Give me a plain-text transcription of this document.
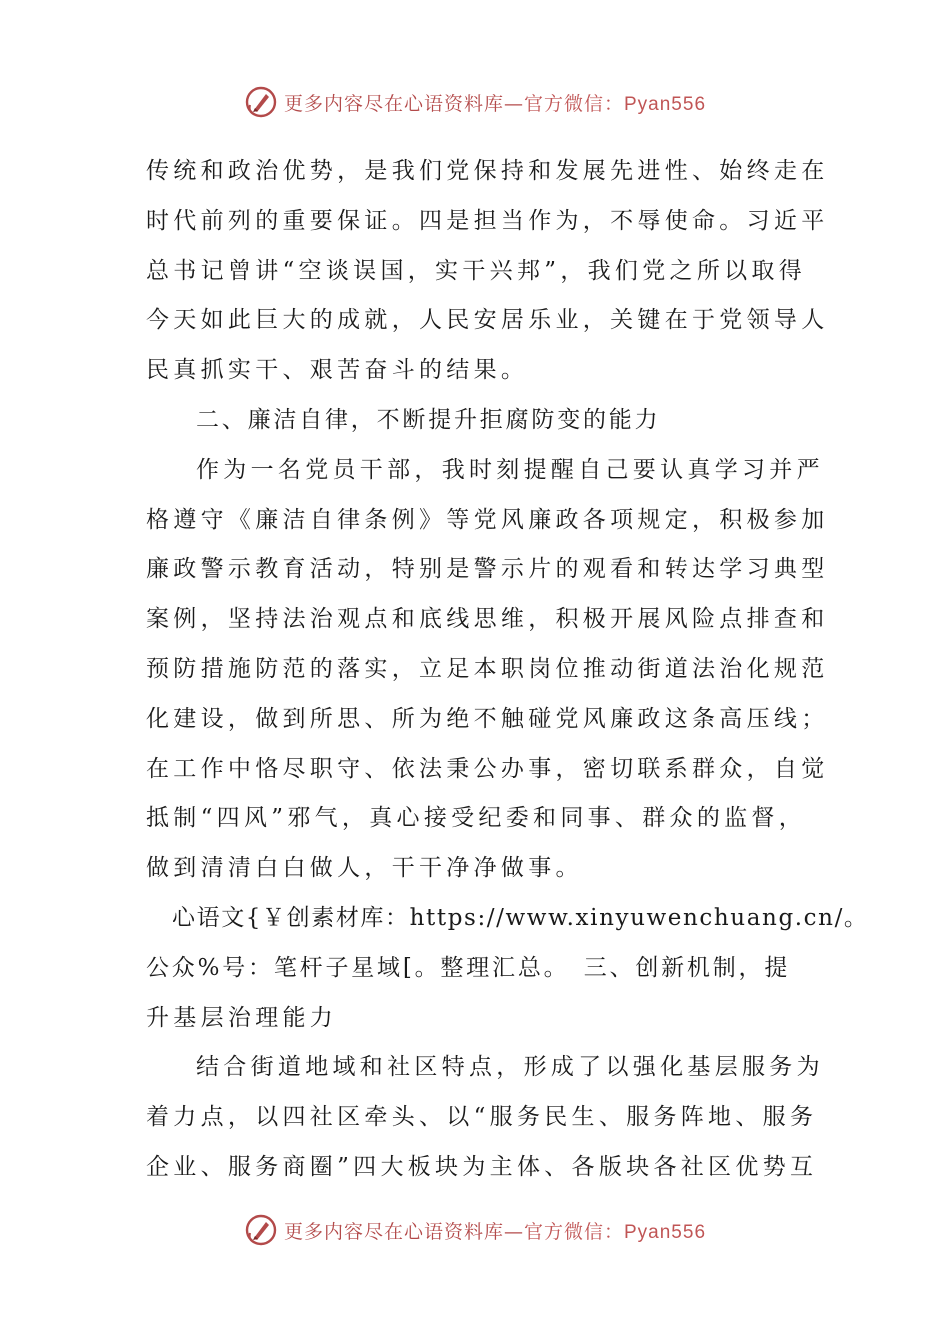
更多内容尽在心语资料库—官方微信：Pyan556
传统和政治优势，是我们党保持和发展先进性、始终走在
时代前列的重要保证。四是担当作为，不辱使命。习近平
总书记曾讲“空谈误国，实干兴邦”，我们党之所以取得
今天如此巨大的成就，人民安居乐业，关键在于党领导人
民真抓实干、艰苦奋斗的结果。
二、廉洁自律，不断提升拒腐防变的能力
作为一名党员干部，我时刻提醒自己要认真学习并严
格遵守《廉洁自律条例》等党风廉政各项规定，积极参加
廉政警示教育活动，特别是警示片的观看和转达学习典型
案例，坚持法治观点和底线思维，积极开展风险点排查和
预防措施防范的落实，立足本职岗位推动街道法治化规范
化建设，做到所思、所为绝不触碰党风廉政这条高压线；
在工作中恪尽职守、依法秉公办事，密切联系群众，自觉
抵制“四风”邪气，真心接受纪委和同事、群众的监督，
做到清清白白做人，干干净净做事。
心语文{￥创素材库：https://www.xinyuwenchuang.cn/。
公众%号：笔杆子星域[。整理汇总。　三、创新机制，提
升基层治理能力
结合街道地域和社区特点，形成了以强化基层服务为
着力点，以四社区牵头、以“服务民生、服务阵地、服务
企业、服务商圈”四大板块为主体、各版块各社区优势互
更多内容尽在心语资料库—官方微信：Pyan556
